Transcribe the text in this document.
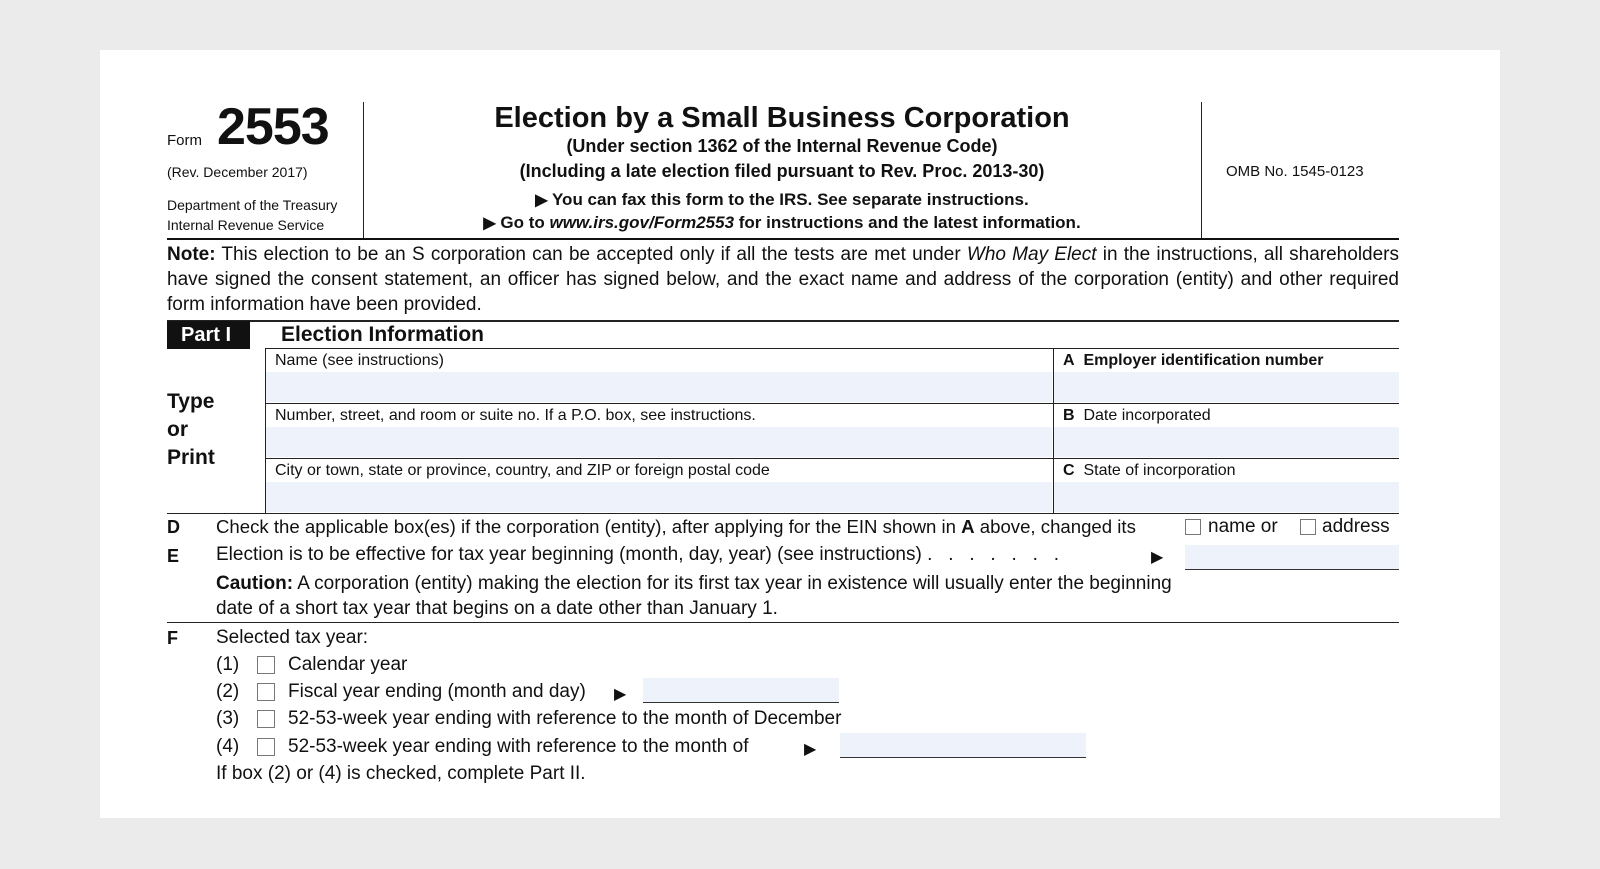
Form 2553
(Rev. December 2017)
Department of the Treasury
Internal Revenue Service
Election by a Small Business Corporation
(Under section 1362 of the Internal Revenue Code)
(Including a late election filed pursuant to Rev. Proc. 2013-30)
▶ You can fax this form to the IRS. See separate instructions.
▶ Go to www.irs.gov/Form2553 for instructions and the latest information.
OMB No. 1545-0123
Note: This election to be an S corporation can be accepted only if all the tests are met under Who May Elect in the instructions, all shareholders have signed the consent statement, an officer has signed below, and the exact name and address of the corporation (entity) and other required form information have been provided.
Part I	Election Information
Type
or
Print
Name (see instructions)	A Employer identification number
Number, street, and room or suite no. If a P.O. box, see instructions.	B Date incorporated
City or town, state or province, country, and ZIP or foreign postal code	C State of incorporation
D Check the applicable box(es) if the corporation (entity), after applying for the EIN shown in A above, changed its	name or address
E Election is to be effective for tax year beginning (month, day, year) (see instructions) .   .   .   .   .   .   .	▶
Caution: A corporation (entity) making the election for its first tax year in existence will usually enter the beginning date of a short tax year that begins on a date other than January 1.
F Selected tax year:
(1)	Calendar year
(2)	Fiscal year ending (month and day) ▶
(3)	52-53-week year ending with reference to the month of December
(4)	52-53-week year ending with reference to the month of	▶
If box (2) or (4) is checked, complete Part II.
